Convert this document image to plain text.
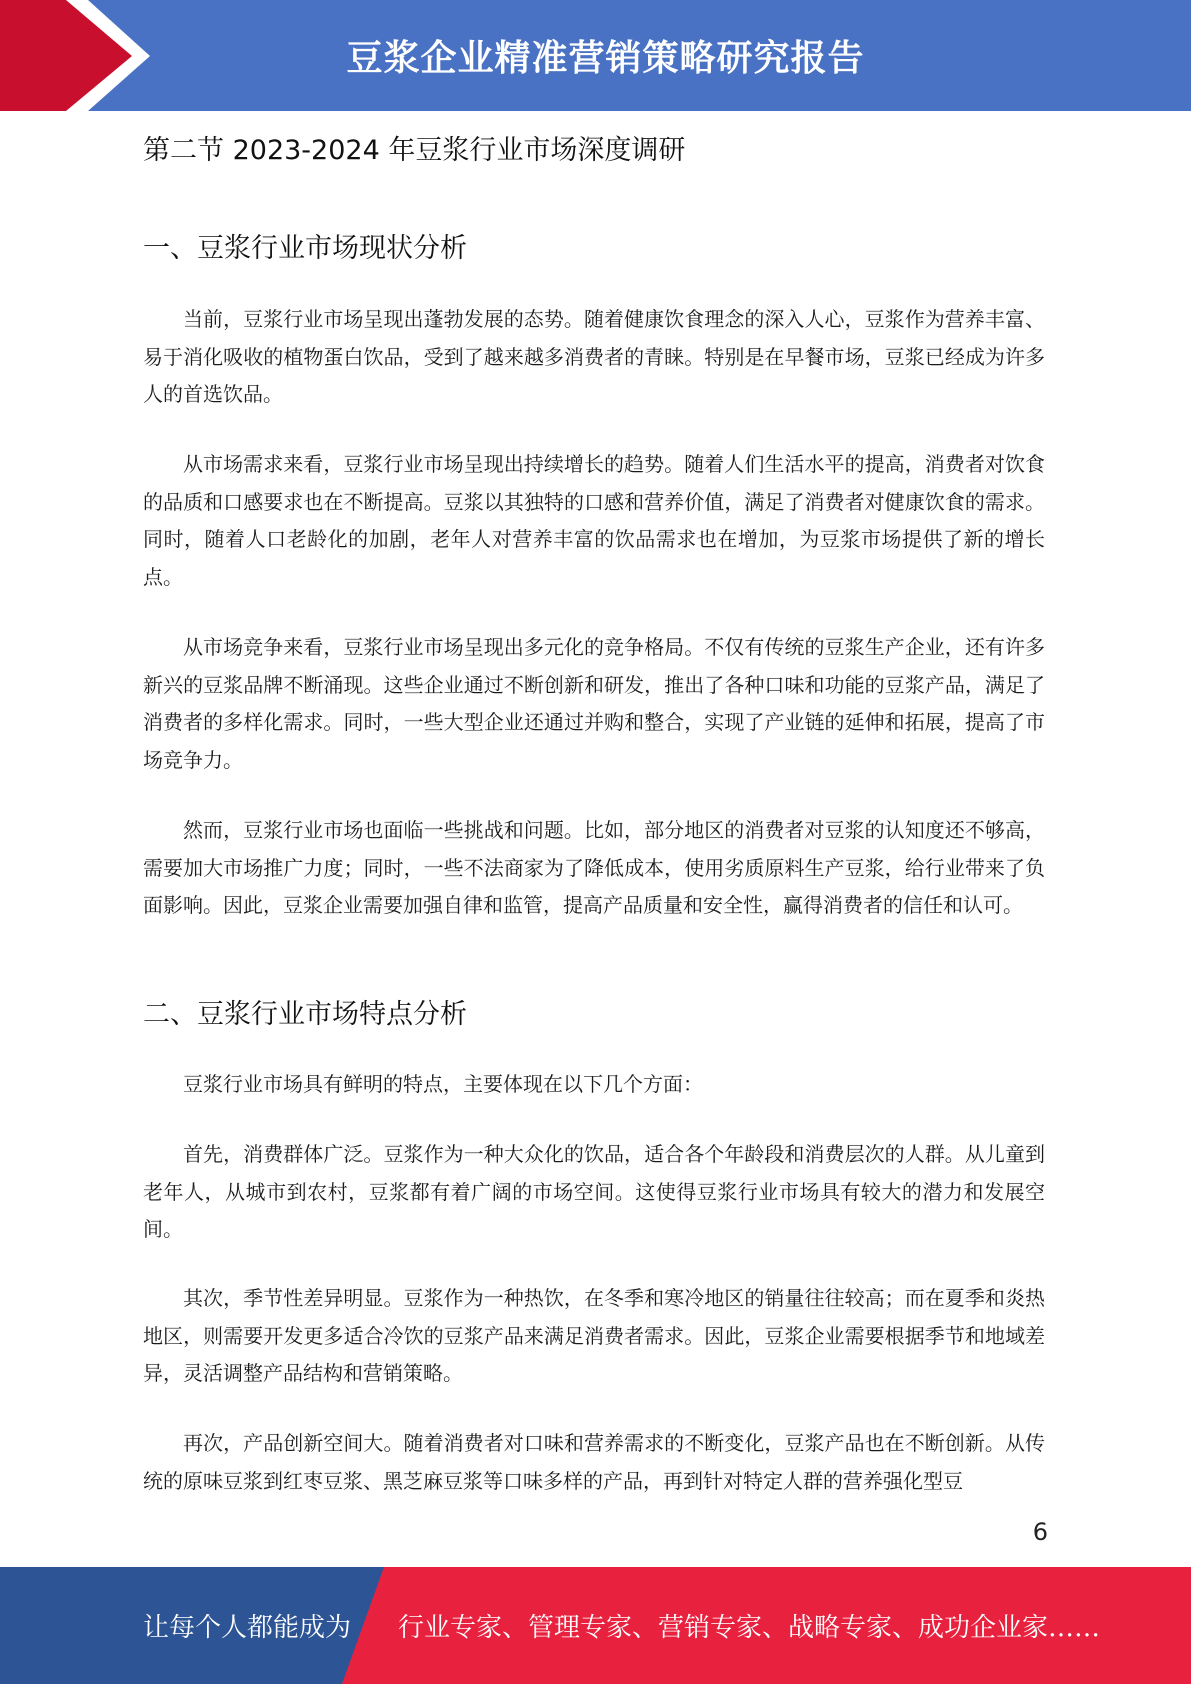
豆浆企业精准营销策略研究报告
第二节 2023-2024 年豆浆行业市场深度调研
一、豆浆行业市场现状分析

当前，豆浆行业市场呈现出蓬勃发展的态势。随着健康饮食理念的深入人心，豆浆作为营养丰富、易于消化吸收的植物蛋白饮品，受到了越来越多消费者的青睐。特别是在早餐市场，豆浆已经成为许多人的首选饮品。

从市场需求来看，豆浆行业市场呈现出持续增长的趋势。随着人们生活水平的提高，消费者对饮食的品质和口感要求也在不断提高。豆浆以其独特的口感和营养价值，满足了消费者对健康饮食的需求。同时，随着人口老龄化的加剧，老年人对营养丰富的饮品需求也在增加，为豆浆市场提供了新的增长点。

从市场竞争来看，豆浆行业市场呈现出多元化的竞争格局。不仅有传统的豆浆生产企业，还有许多新兴的豆浆品牌不断涌现。这些企业通过不断创新和研发，推出了各种口味和功能的豆浆产品，满足了消费者的多样化需求。同时，一些大型企业还通过并购和整合，实现了产业链的延伸和拓展，提高了市场竞争力。

然而，豆浆行业市场也面临一些挑战和问题。比如，部分地区的消费者对豆浆的认知度还不够高，需要加大市场推广力度；同时，一些不法商家为了降低成本，使用劣质原料生产豆浆，给行业带来了负面影响。因此，豆浆企业需要加强自律和监管，提高产品质量和安全性，赢得消费者的信任和认可。

二、豆浆行业市场特点分析

豆浆行业市场具有鲜明的特点，主要体现在以下几个方面：

首先，消费群体广泛。豆浆作为一种大众化的饮品，适合各个年龄段和消费层次的人群。从儿童到老年人，从城市到农村，豆浆都有着广阔的市场空间。这使得豆浆行业市场具有较大的潜力和发展空间。

其次，季节性差异明显。豆浆作为一种热饮，在冬季和寒冷地区的销量往往较高；而在夏季和炎热地区，则需要开发更多适合冷饮的豆浆产品来满足消费者需求。因此，豆浆企业需要根据季节和地域差异，灵活调整产品结构和营销策略。

再次，产品创新空间大。随着消费者对口味和营养需求的不断变化，豆浆产品也在不断创新。从传统的原味豆浆到红枣豆浆、黑芝麻豆浆等口味多样的产品，再到针对特定人群的营养强化型豆

6
让每个人都能成为 行业专家、管理专家、营销专家、战略专家、成功企业家……
